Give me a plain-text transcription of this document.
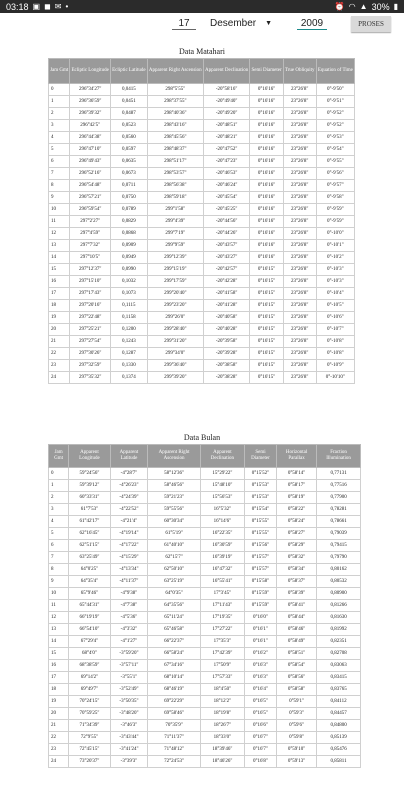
03:18 ▣ ◼ ✉ •	⏰ ◠ ▲ 30% ▮
17	Desember ▼	2009	PROSES
Data Matahari
Jam Gmt	Ecliptic Longitude	Ecliptic Latitude	Apparent Right Ascension	Apparent Declination	Semi Diameter	True Obliquity	Equation of Time
0	296°34'27"	0,0415	298°5'55"	-20°58'16"	0°16'16"	23°26'8"	0°-9'50"
1	296°36'59"	0,0451	298°37'55"	-20°49'40"	0°16'16"	23°26'8"	0°-9'51"
2	296°39'32"	0,0487	298°40'36"	-20°49'20"	0°16'16"	23°26'8"	0°-9'52"
3	296°42'5"	0,0523	298°43'16"	-20°48'51"	0°16'16"	23°26'8"	0°-9'52"
4	296°44'38"	0,0560	298°45'56"	-20°48'21"	0°16'16"	23°26'8"	0°-9'53"
5	296°47'10"	0,0597	298°48'37"	-20°47'52"	0°16'16"	23°26'8"	0°-9'54"
6	296°49'43"	0,0635	298°51'17"	-20°47'23"	0°16'16"	23°26'8"	0°-9'55"
7	296°52'16"	0,0673	298°53'57"	-20°46'53"	0°16'16"	23°26'8"	0°-9'56"
8	296°54'48"	0,0711	298°56'38"	-20°46'24"	0°16'16"	23°26'8"	0°-9'57"
9	296°57'21"	0,0750	298°59'18"	-20°45'54"	0°16'16"	23°26'8"	0°-9'58"
10	296°59'54"	0,0789	299°1'58"	-20°45'25"	0°16'16"	23°26'8"	0°-9'59"
11	297°2'27"	0,0829	299°4'39"	-20°44'56"	0°16'16"	23°26'8"	0°-9'59"
12	297°4'59"	0,0868	299°7'19"	-20°44'26"	0°16'16"	23°26'8"	0°-10'0"
13	297°7'32"	0,0909	299°9'59"	-20°43'57"	0°16'16"	23°26'8"	0°-10'1"
14	297°10'5"	0,0949	299°12'39"	-20°43'27"	0°16'16"	23°26'8"	0°-10'2"
15	297°12'37"	0,0990	299°15'19"	-20°42'57"	0°16'15"	23°26'8"	0°-10'3"
16	297°15'10"	0,1032	299°17'59"	-20°42'28"	0°16'15"	23°26'8"	0°-10'3"
17	297°17'43"	0,1073	299°20'40"	-20°41'58"	0°16'15"	23°26'8"	0°-10'4"
18	297°20'16"	0,1115	299°23'20"	-20°41'28"	0°16'15"	23°26'8"	0°-10'5"
19	297°22'48"	0,1158	299°26'0"	-20°40'58"	0°16'15"	23°26'8"	0°-10'6"
20	297°25'21"	0,1200	299°28'40"	-20°40'28"	0°16'15"	23°26'8"	0°-10'7"
21	297°27'54"	0,1243	299°31'20"	-20°39'58"	0°16'15"	23°26'8"	0°-10'8"
22	297°30'26"	0,1287	299°34'0"	-20°39'28"	0°16'15"	23°26'8"	0°-10'8"
23	297°32'59"	0,1330	299°36'40"	-20°38'58"	0°16'15"	23°26'8"	0°-10'9"
24	297°35'32"	0,1374	299°39'20"	-20°38'28"	0°16'15"	23°26'8"	0°-10'10"
Data Bulan
Jam Gmt	Apparent Longitude	Apparent Latitude	Apparent Right Ascension	Apparent Declination	Semi Diameter	Horizontal Parallax	Fraction Illumination
0	59°24'56"	-4°28'7"	58°12'36"	15°29'22"	0°15'52"	0°58'14"	0,77131
1	59°39'12"	-4°26'23"	58°46'56"	15°48'10"	0°15'53"	0°58'17"	0,77516
2	60°33'31"	-4°24'39"	59°21'23"	15°56'53"	0°15'53"	0°58'19"	0,77900
3	61°7'53"	-4°22'52"	59°55'56"	16°5'32"	0°15'54"	0°58'22"	0,78281
4	61°42'17"	-4°21'4"	60°30'34"	16°14'6"	0°15'55"	0°58'24"	0,78661
5	62°16'45"	-4°19'14"	61°5'19"	16°22'35"	0°15'55"	0°58'27"	0,79039
6	62°51'15"	-4°17'22"	61°40'10"	16°30'59"	0°15'56"	0°58'29"	0,79415
7	63°25'49"	-4°15'29"	62°15'7"	16°39'19"	0°15'57"	0°58'32"	0,79790
8	64°0'25"	-4°13'34"	62°50'10"	16°47'32"	0°15'57"	0°58'34"	0,80162
9	64°35'4"	-4°11'37"	63°25'19"	16°55'41"	0°15'58"	0°58'37"	0,80532
10	65°9'46"	-4°9'38"	64°0'35"	17°3'45"	0°15'59"	0°58'39"	0,80900
11	65°44'31"	-4°7'38"	64°35'56"	17°11'43"	0°15'59"	0°58'41"	0,81266
12	66°19'19"	-4°5'36"	65°11'24"	17°19'35"	0°16'0"	0°58'44"	0,81630
13	66°54'10"	-4°3'32"	65°46'58"	17°27'22"	0°16'1"	0°58'46"	0,81992
14	67°29'4"	-4°1'27"	66°22'37"	17°35'3"	0°16'1"	0°58'49"	0,82351
15	68°4'0"	-3°59'20"	66°58'24"	17°42'39"	0°16'2"	0°58'51"	0,82708
16	68°38'59"	-3°57'11"	67°34'16"	17°50'9"	0°16'3"	0°58'54"	0,83063
17	69°14'2"	-3°55'1"	68°10'14"	17°57'33"	0°16'3"	0°58'56"	0,83415
18	69°49'7"	-3°52'49"	68°46'19"	18°4'50"	0°16'4"	0°58'58"	0,83765
19	70°24'15"	-3°50'35"	69°22'29"	18°12'2"	0°16'5"	0°59'1"	0,84112
20	70°59'25"	-3°48'20"	69°58'46"	18°19'8"	0°16'5"	0°59'3"	0,84457
21	71°34'39"	-3°46'3"	70°35'9"	18°26'7"	0°16'6"	0°59'6"	0,84800
22	72°9'55"	-3°43'44"	71°11'37"	18°33'0"	0°16'7"	0°59'8"	0,85139
23	72°45'15"	-3°41'24"	71°48'12"	18°39'46"	0°16'7"	0°59'10"	0,85476
24	73°20'37"	-3°39'3"	72°24'53"	18°46'26"	0°16'8"	0°59'13"	0,85811
